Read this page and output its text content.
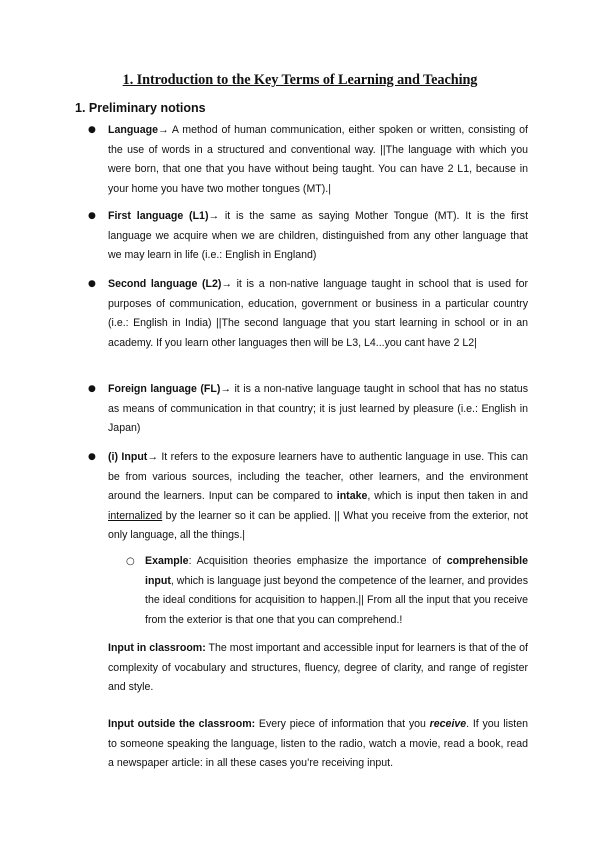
1. Introduction to the Key Terms of Learning and Teaching
1. Preliminary notions
● Language→ A method of human communication, either spoken or written, consisting of the use of words in a structured and conventional way. ||The language with which you were born, that one that you have without being taught. You can have 2 L1, because in your home you have two mother tongues (MT).|
● First language (L1)→ it is the same as saying Mother Tongue (MT). It is the first language we acquire when we are children, distinguished from any other language that we may learn in life (i.e.: English in England)
● Second language (L2)→ it is a non-native language taught in school that is used for purposes of communication, education, government or business in a particular country (i.e.: English in India) ||The second language that you start learning in school or in an academy. If you learn other languages then will be L3, L4...you cant have 2 L2|
● Foreign language (FL)→ it is a non-native language taught in school that has no status as means of communication in that country; it is just learned by pleasure (i.e.: English in Japan)
● (i) Input→ It refers to the exposure learners have to authentic language in use. This can be from various sources, including the teacher, other learners, and the environment around the learners. Input can be compared to intake, which is input then taken in and internalized by the learner so it can be applied. || What you receive from the exterior, not only language, all the things.|
○ Example: Acquisition theories emphasize the importance of comprehensible input, which is language just beyond the competence of the learner, and provides the ideal conditions for acquisition to happen.|| From all the input that you receive from the exterior is that one that you can comprehend.!
Input in classroom: The most important and accessible input for learners is that of the of complexity of vocabulary and structures, fluency, degree of clarity, and range of register and style.
Input outside the classroom: Every piece of information that you receive. If you listen to someone speaking the language, listen to the radio, watch a movie, read a book, read a newspaper article: in all these cases you’re receiving input.
